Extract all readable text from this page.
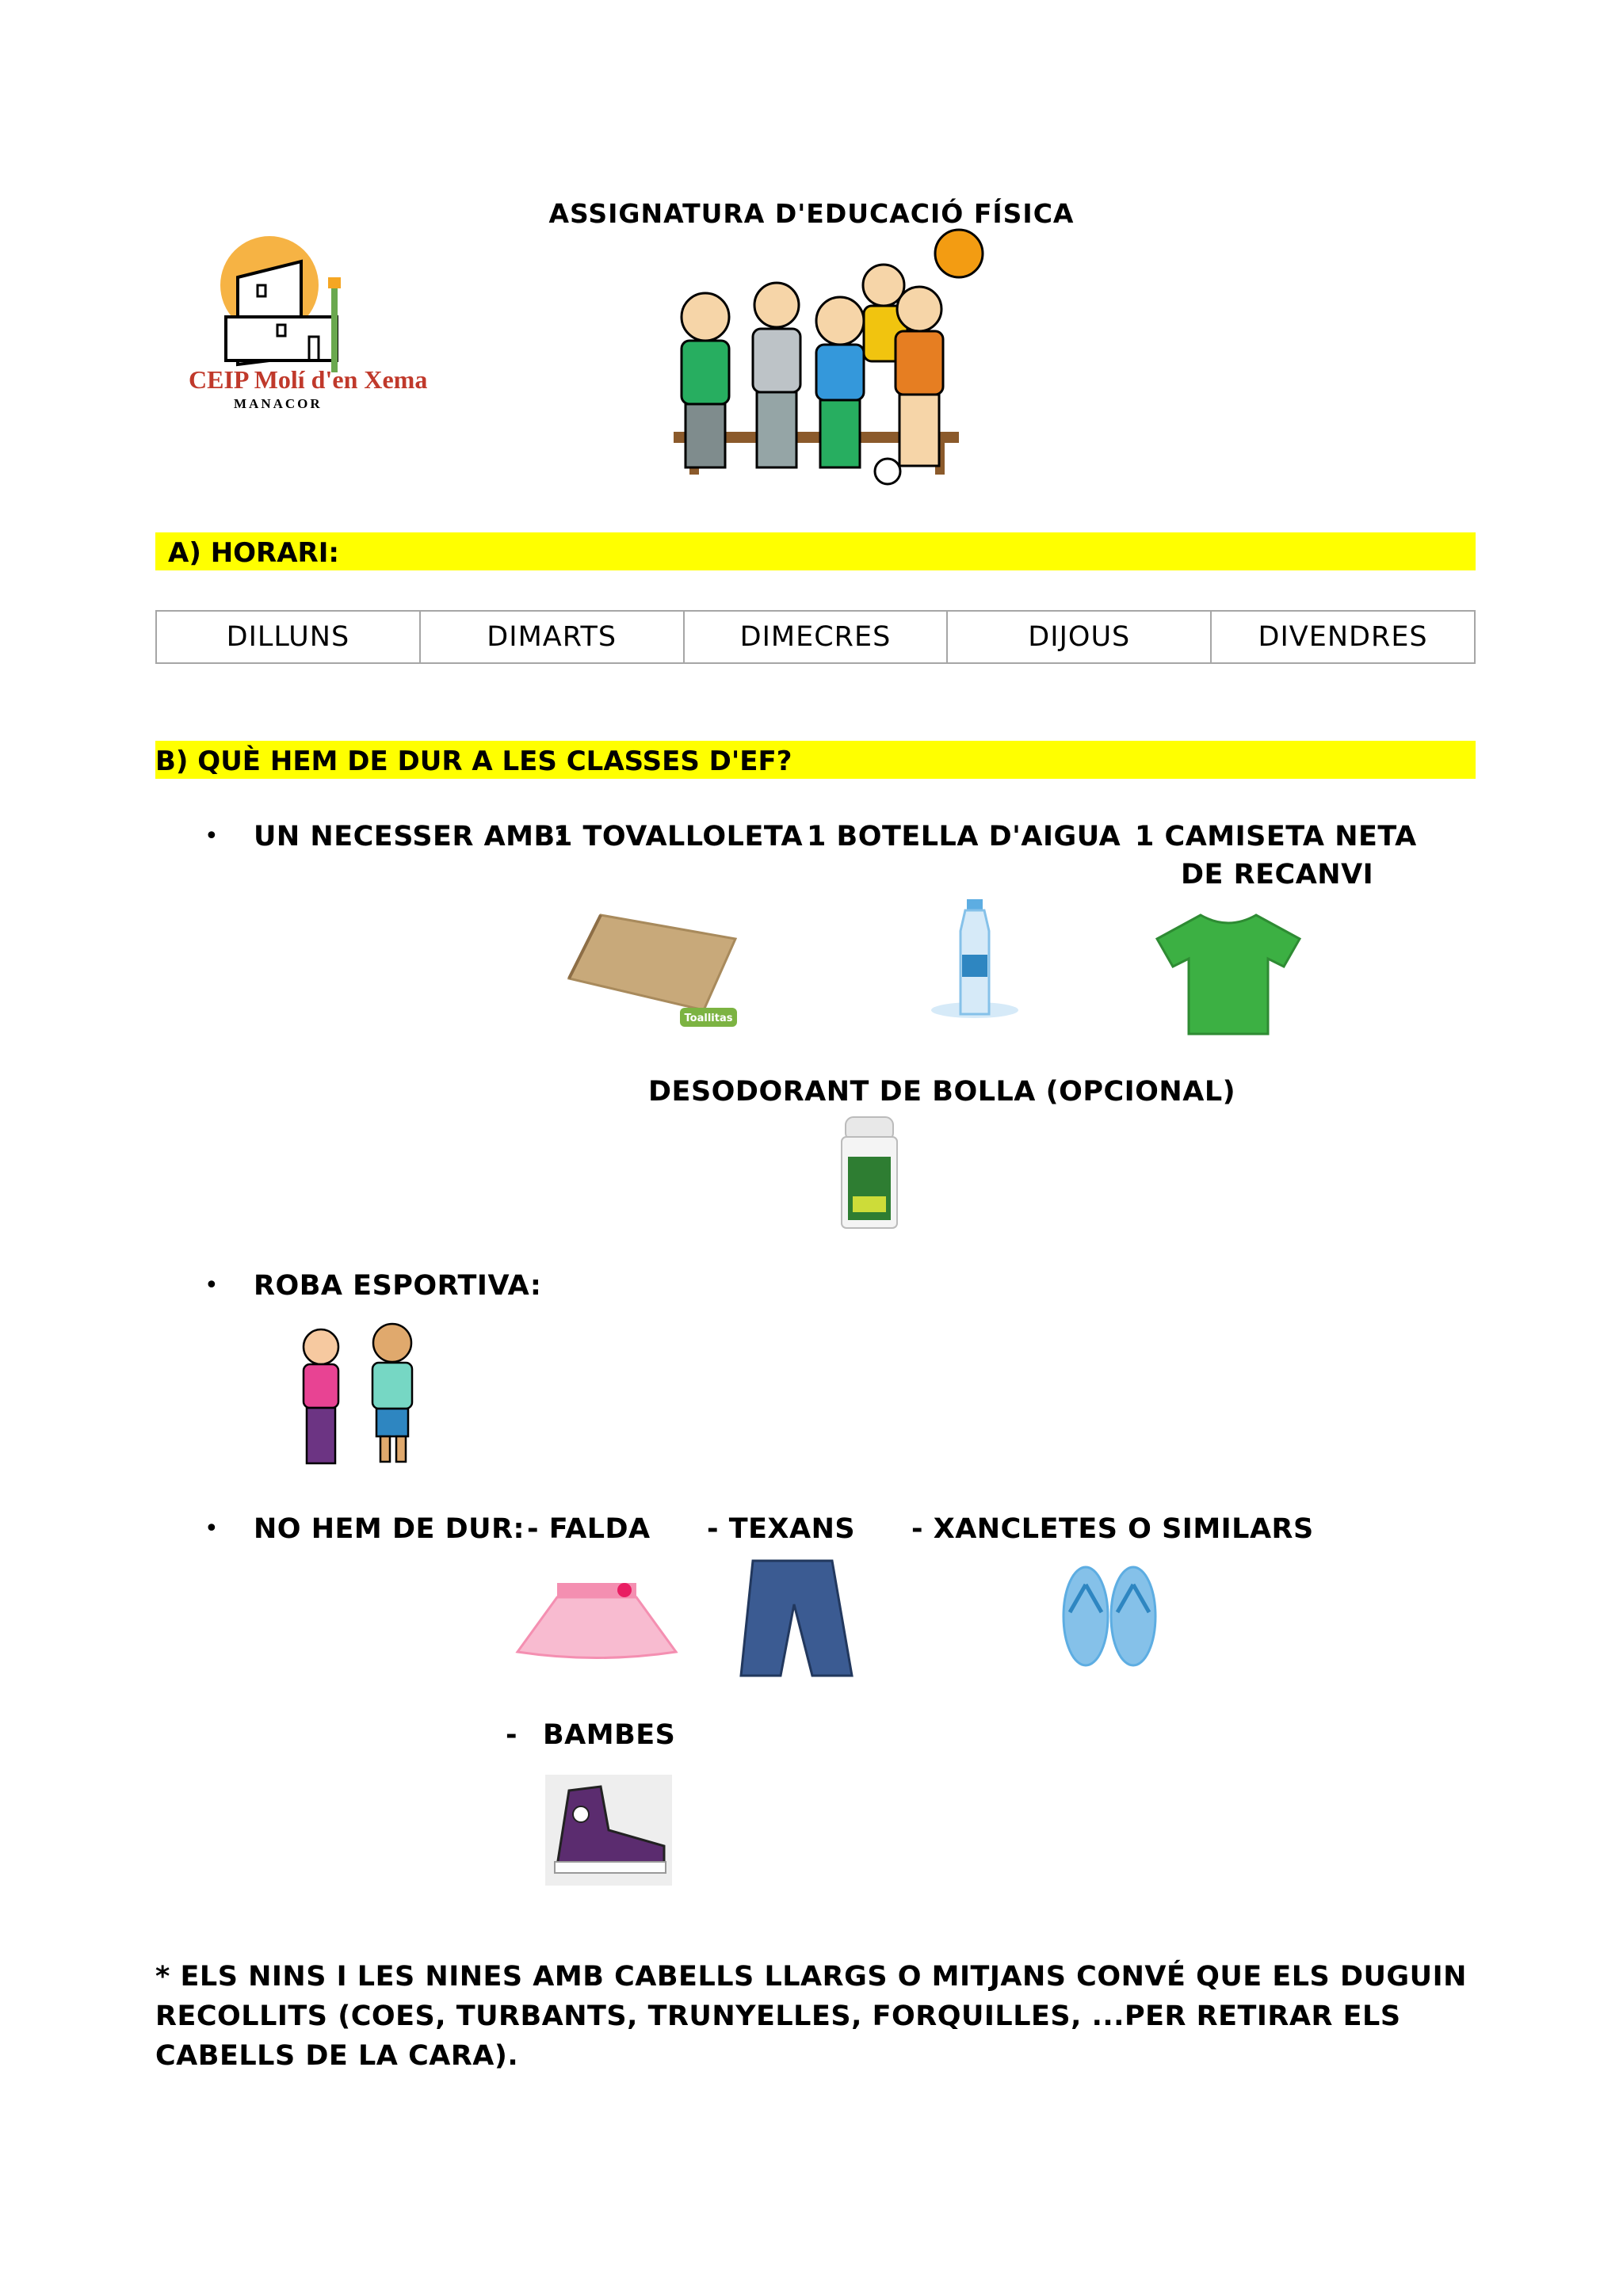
ASSIGNATURA D'EDUCACIÓ FÍSICA
CEIP Molí d'en Xema
MANACOR
A) HORARI:
DILLUNS	DIMARTS	DIMECRES	DIJOUS	DIVENDRES
B) QUÈ HEM DE DUR A LES CLASSES D'EF?
• UN NECESSER AMB:
1 TOVALLOLETA 1 BOTELLA D'AIGUA 1 CAMISETA NETA
DE RECANVI
Toallitas
DESODORANT DE BOLLA (OPCIONAL)
• ROBA ESPORTIVA:
• NO HEM DE DUR: - FALDA - TEXANS - XANCLETES O SIMILARS
- BAMBES
* ELS NINS I LES NINES AMB CABELLS LLARGS O MITJANS CONVÉ QUE ELS DUGUIN RECOLLITS (COES, TURBANTS, TRUNYELLES, FORQUILLES, ...PER RETIRAR ELS CABELLS DE LA CARA).
